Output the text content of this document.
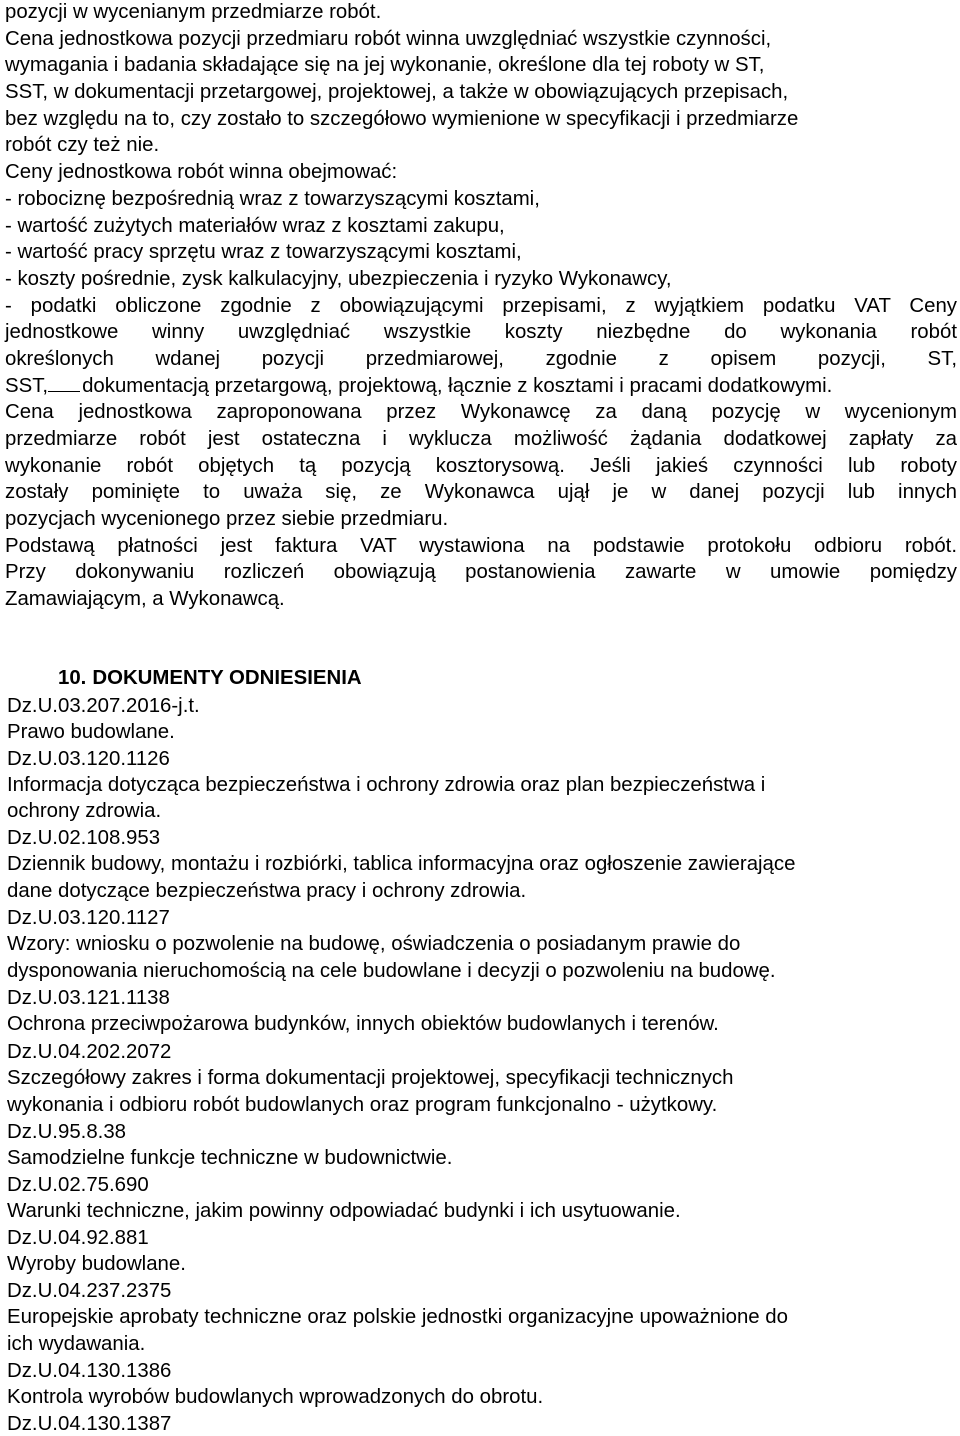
pozycji w wycenianym przedmiarze robót.
Cena jednostkowa pozycji przedmiaru robót winna uwzględniać wszystkie czynności,
wymagania i badania składające się na jej wykonanie, określone dla tej roboty w ST,
SST, w dokumentacji przetargowej, projektowej, a także w obowiązujących przepisach,
bez względu na to, czy zostało to szczegółowo wymienione w specyfikacji i przedmiarze
robót czy też nie.
Ceny jednostkowa robót winna obejmować:
- robociznę bezpośrednią wraz z towarzyszącymi kosztami,
- wartość zużytych materiałów wraz z kosztami zakupu,
- wartość pracy sprzętu wraz z towarzyszącymi kosztami,
- koszty pośrednie, zysk kalkulacyjny, ubezpieczenia i ryzyko Wykonawcy,
- podatki obliczone zgodnie z obowiązującymi przepisami, z wyjątkiem podatku VAT Ceny
jednostkowe winny uwzględniać wszystkie koszty niezbędne do wykonania robót
określonych wdanej pozycji przedmiarowej, zgodnie z opisem pozycji, ST,
SST, dokumentacją przetargową, projektową, łącznie z kosztami i pracami dodatkowymi.
Cena jednostkowa zaproponowana przez Wykonawcę za daną pozycję w wycenionym
przedmiarze robót jest ostateczna i wyklucza możliwość żądania dodatkowej zapłaty za
wykonanie robót objętych tą pozycją kosztorysową. Jeśli jakieś czynności lub roboty
zostały pominięte to uważa się, ze Wykonawca ujął je w danej pozycji lub innych
pozycjach wycenionego przez siebie przedmiaru.
Podstawą płatności jest faktura VAT wystawiona na podstawie protokołu odbioru robót.
Przy dokonywaniu rozliczeń obowiązują postanowienia zawarte w umowie pomiędzy
Zamawiającym, a Wykonawcą.
10. DOKUMENTY ODNIESIENIA
Dz.U.03.207.2016-j.t.
Prawo budowlane.
Dz.U.03.120.1126
Informacja dotycząca bezpieczeństwa i ochrony zdrowia oraz plan bezpieczeństwa i
ochrony zdrowia.
Dz.U.02.108.953
Dziennik budowy, montażu i rozbiórki, tablica informacyjna oraz ogłoszenie zawierające
dane dotyczące bezpieczeństwa pracy i ochrony zdrowia.
Dz.U.03.120.1127
Wzory: wniosku o pozwolenie na budowę, oświadczenia o posiadanym prawie do
dysponowania nieruchomością na cele budowlane i decyzji o pozwoleniu na budowę.
Dz.U.03.121.1138
Ochrona przeciwpożarowa budynków, innych obiektów budowlanych i terenów.
Dz.U.04.202.2072
Szczegółowy zakres i forma dokumentacji projektowej, specyfikacji technicznych
wykonania i odbioru robót budowlanych oraz program funkcjonalno - użytkowy.
Dz.U.95.8.38
Samodzielne funkcje techniczne w budownictwie.
Dz.U.02.75.690
Warunki techniczne, jakim powinny odpowiadać budynki i ich usytuowanie.
Dz.U.04.92.881
Wyroby budowlane.
Dz.U.04.237.2375
Europejskie aprobaty techniczne oraz polskie jednostki organizacyjne upoważnione do
ich wydawania.
Dz.U.04.130.1386
Kontrola wyrobów budowlanych wprowadzonych do obrotu.
Dz.U.04.130.1387
